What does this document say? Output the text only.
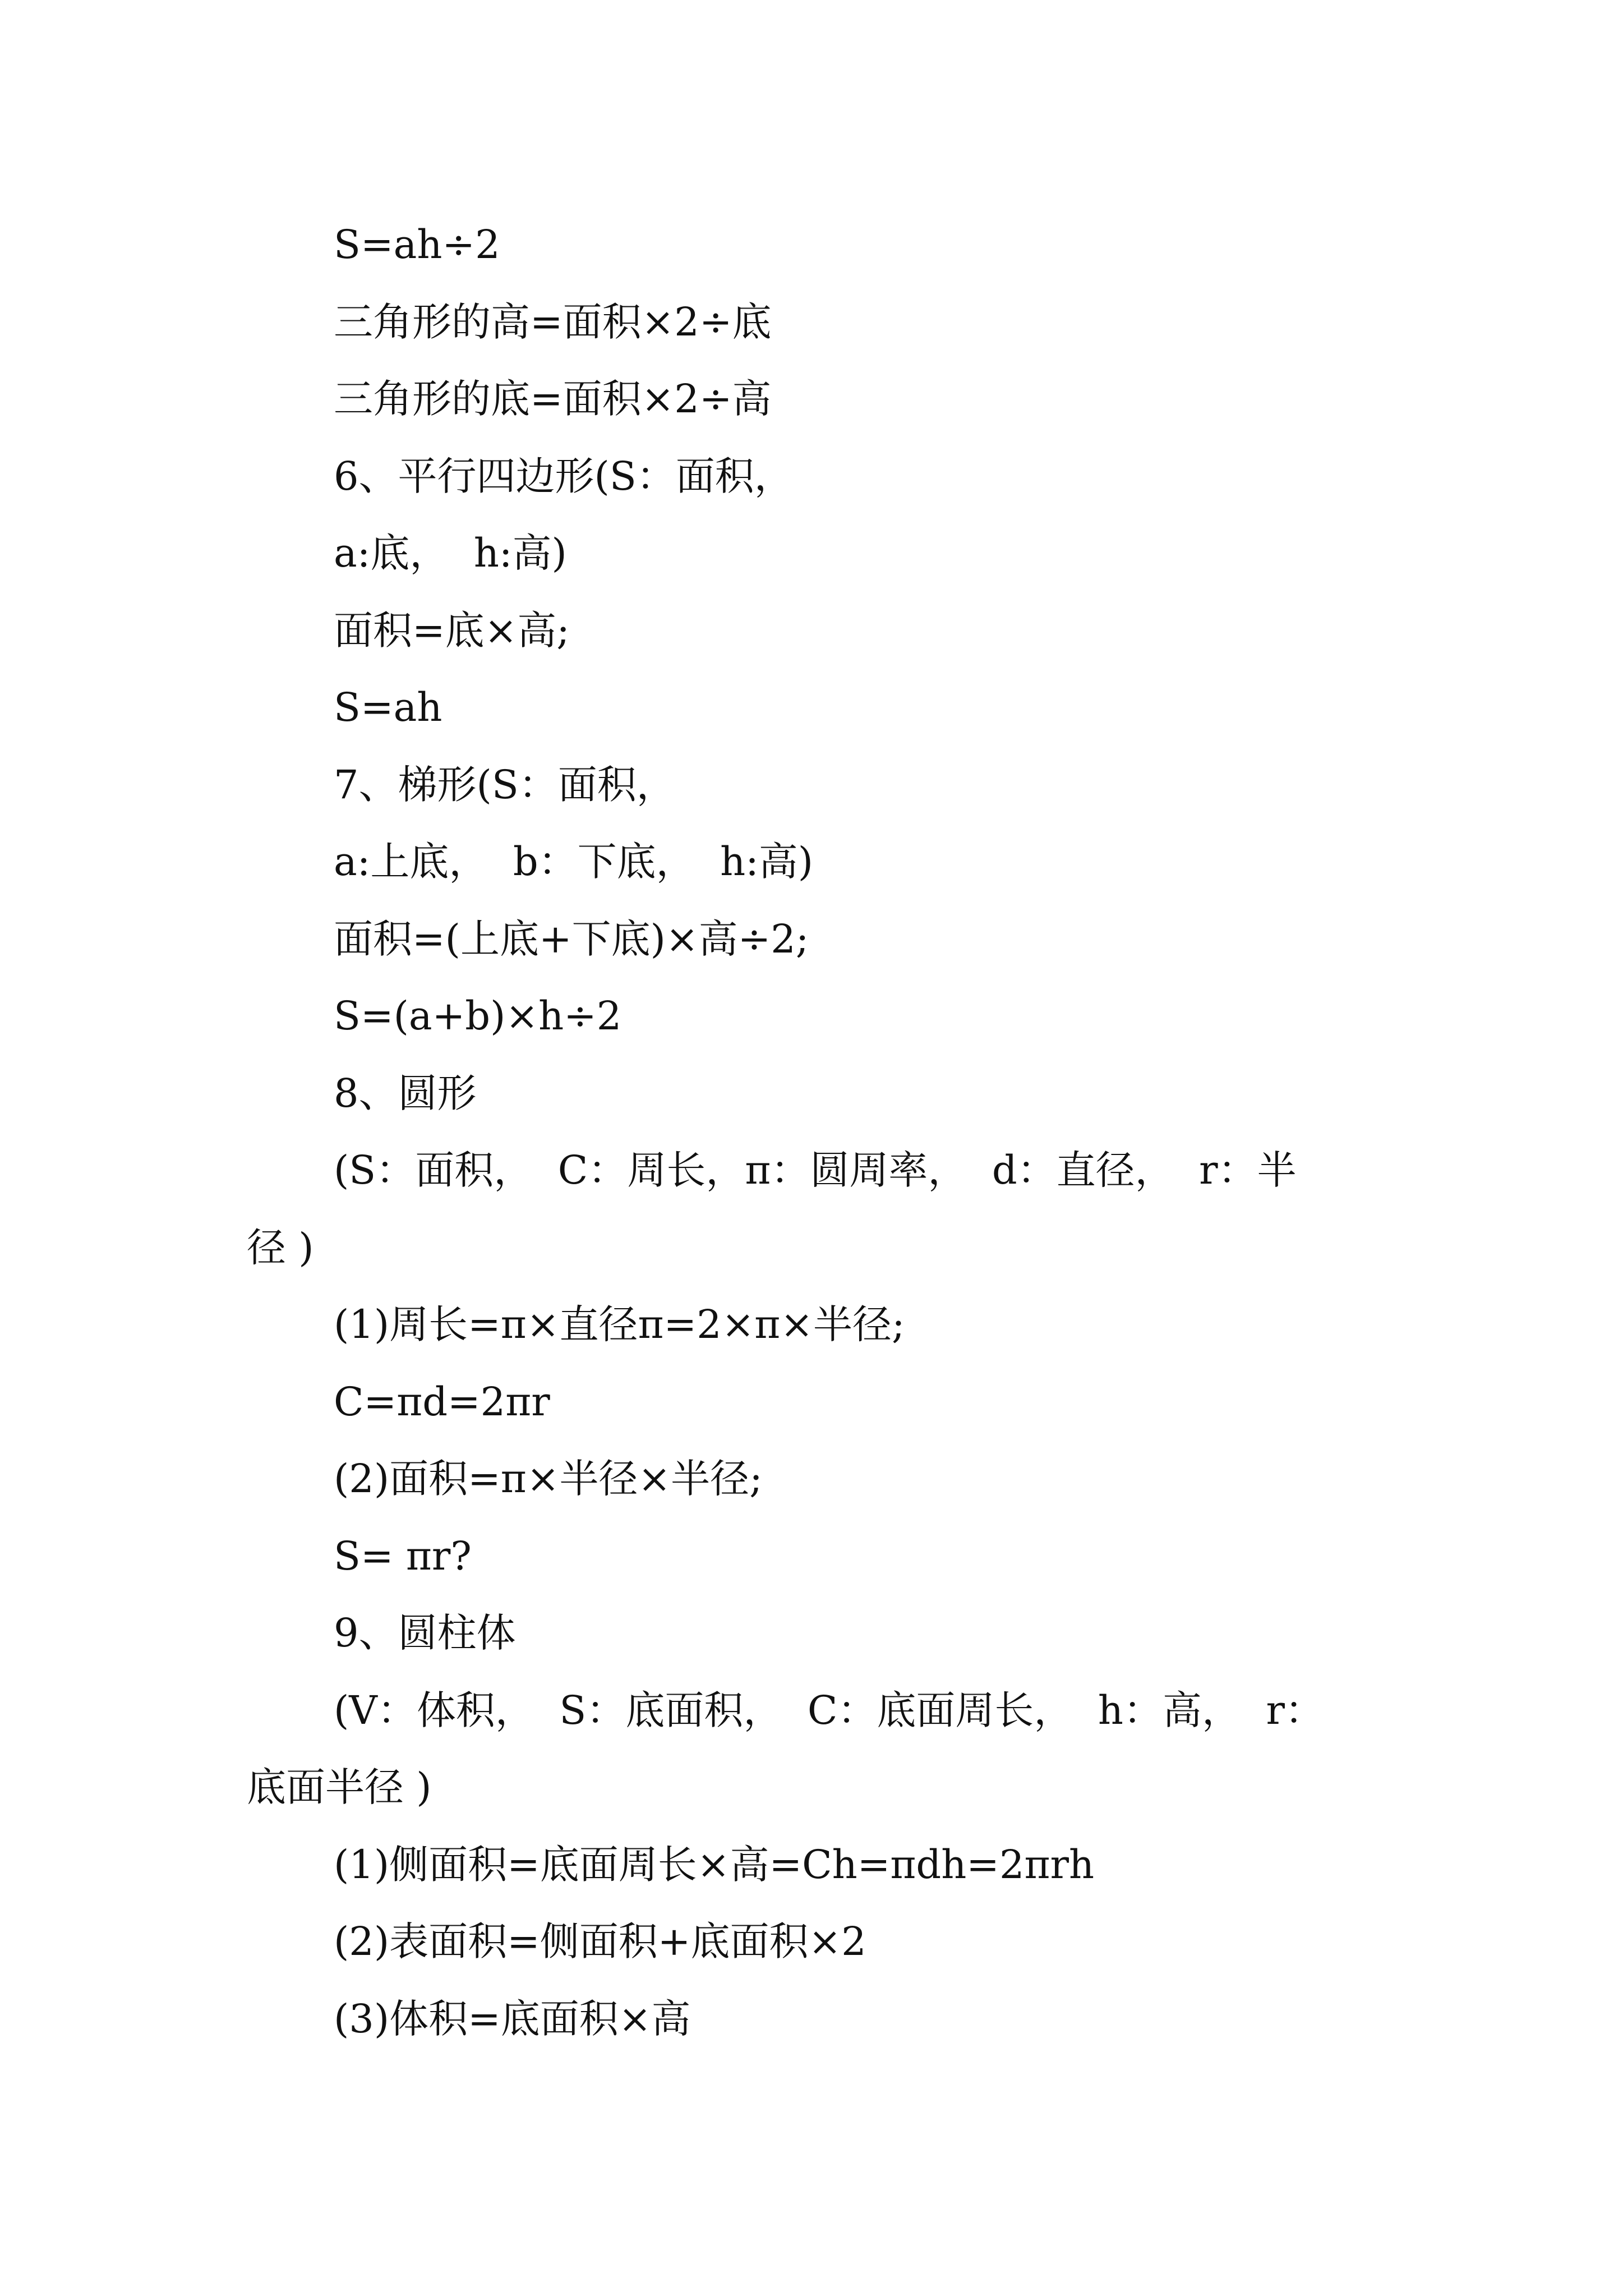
S=ah÷2
三角形的高=面积×2÷底
三角形的底=面积×2÷高
6、平行四边形(S：面积，
a:底，  h:高)
面积=底×高;
S=ah
7、梯形(S：面积，
a:上底，  b：下底，  h:高)
面积=(上底+下底)×高÷2;
S=(a+b)×h÷2
8、圆形
(S：面积，  C：周长，π：圆周率，  d：直径，  r：半
径 )
(1)周长=π×直径π=2×π×半径;
C=πd=2πr
(2)面积=π×半径×半径;
S= πr?
9、圆柱体
(V：体积，  S：底面积，  C：底面周长，  h：高，  r：
底面半径 )
(1)侧面积=底面周长×高=Ch=πdh=2πrh
(2)表面积=侧面积+底面积×2
(3)体积=底面积×高
